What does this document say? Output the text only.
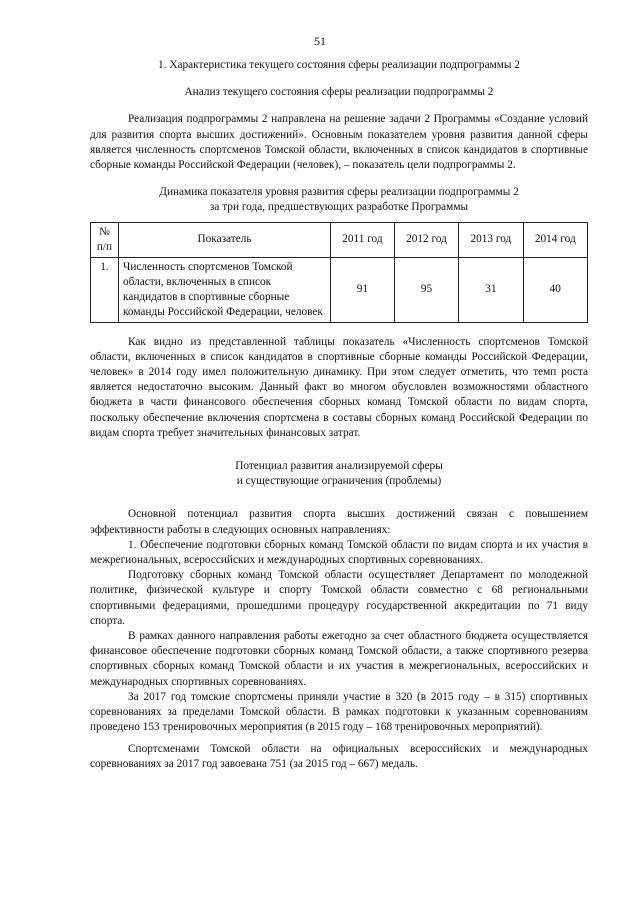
51

1. Характеристика текущего состояния сферы реализации подпрограммы 2

Анализ текущего состояния сферы реализации подпрограммы 2

Реализация подпрограммы 2 направлена на решение задачи 2 Программы «Создание условий для развития спорта высших достижений». Основным показателем уровня развития данной сферы является численность спортсменов Томской области, включенных в список кандидатов в спортивные сборные команды Российской Федерации (человек), – показатель цели подпрограммы 2.

Динамика показателя уровня развития сферы реализации подпрограммы 2

за три года, предшествующих разработке Программы

№
п/п	Показатель	2011 год	2012 год	2013 год	2014 год
1.	Численность спортсменов Томской области, включенных в список кандидатов в спортивные сборные команды Российской Федерации, человек	91	95	31	40

Как видно из представленной таблицы показатель «Численность спортсменов Томской области, включенных в список кандидатов в спортивные сборные команды Российской Федерации, человек» в 2014 году имел положительную динамику. При этом следует отметить, что темп роста является недостаточно высоким. Данный факт во многом обусловлен возможностями областного бюджета в части финансового обеспечения сборных команд Томской области по видам спорта, поскольку обеспечение включения спортсмена в составы сборных команд Российской Федерации по видам спорта требует значительных финансовых затрат.

Потенциал развития анализируемой сферы

и существующие ограничения (проблемы)

Основной потенциал развития спорта высших достижений связан с повышением эффективности работы в следующих основных направлениях:

1. Обеспечение подготовки сборных команд Томской области по видам спорта и их участия в межрегиональных, всероссийских и международных спортивных соревнованиях.

Подготовку сборных команд Томской области осуществляет Департамент по молодежной политике, физической культуре и спорту Томской области совместно с 68 региональными спортивными федерациями, прошедшими процедуру государственной аккредитации по 71 виду спорта.

В рамках данного направления работы ежегодно за счет областного бюджета осуществляется финансовое обеспечение подготовки сборных команд Томской области, а также спортивного резерва спортивных сборных команд Томской области и их участия в межрегиональных, всероссийских и международных спортивных соревнованиях.

За 2017 год томские спортсмены приняли участие в 320 (в 2015 году – в 315) спортивных соревнованиях за пределами Томской области. В рамках подготовки к указанным соревнованиям проведено 153 тренировочных мероприятия (в 2015 году – 168 тренировочных мероприятий).

Спортсменами Томской области на официальных всероссийских и международных соревнованиях за 2017 год завоевана 751 (за 2015 год – 667) медаль.
